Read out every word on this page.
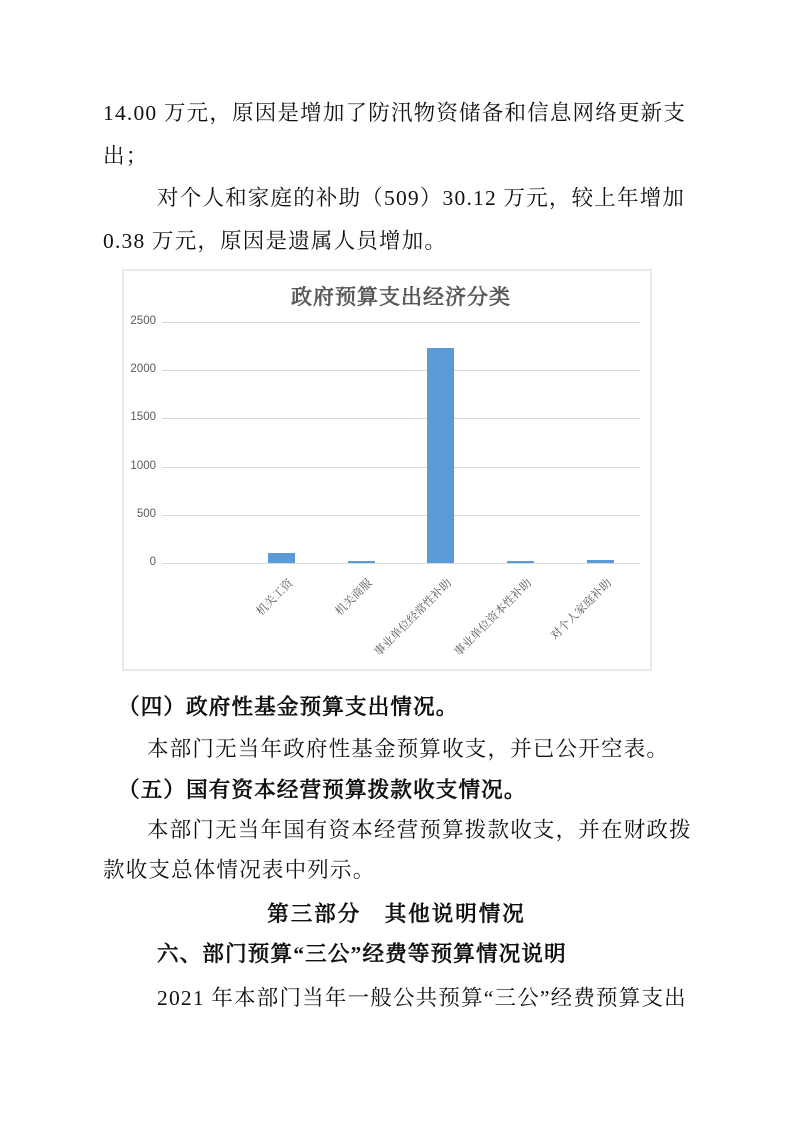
14.00 万元，原因是增加了防汛物资储备和信息网络更新支
出；
对个人和家庭的补助（509）30.12 万元，较上年增加
0.38 万元，原因是遗属人员增加。
政府预算支出经济分类
2500
2000
1500
1000
500
0
机关工资	机关商服
事业单位经常性补助
事业单位资本性补助 对个人家庭补助
（四）政府性基金预算支出情况。
本部门无当年政府性基金预算收支，并已公开空表。
（五）国有资本经营预算拨款收支情况。
本部门无当年国有资本经营预算拨款收支，并在财政拨
款收支总体情况表中列示。
第三部分　其他说明情况
六、部门预算“三公”经费等预算情况说明
2021 年本部门当年一般公共预算“三公”经费预算支出
